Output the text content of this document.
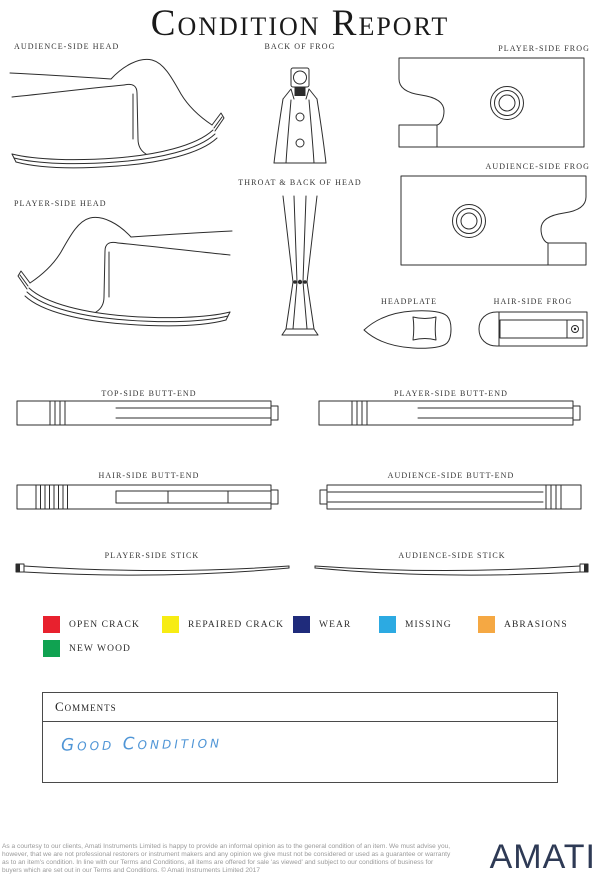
Condition Report
AUDIENCE-SIDE HEAD	BACK OF FROG	PLAYER-SIDE FROG
AUDIENCE-SIDE FROG
PLAYER-SIDE HEAD
THROAT & BACK OF HEAD
HEADPLATE	HAIR-SIDE FROG
TOP-SIDE BUTT-END	PLAYER-SIDE BUTT-END
HAIR-SIDE BUTT-END	AUDIENCE-SIDE BUTT-END
PLAYER-SIDE STICK	AUDIENCE-SIDE STICK
OPEN CRACK	REPAIRED CRACK	WEAR	MISSING	ABRASIONS
NEW WOOD
Comments
Good Condition
As a courtesy to our clients, Amati Instruments Limited is happy to provide an informal opinion as to the general condition of an item. We must advise you, however, that we are not professional restorers or instrument makers and any opinion we give must not be considered or used as a guarantee or warranty as to an item's condition. In line with our Terms and Conditions, all items are offered for sale 'as viewed' and subject to our conditions of business for buyers which are set out in our Terms and Conditions. © Amati Instruments Limited 2017	AMATI
